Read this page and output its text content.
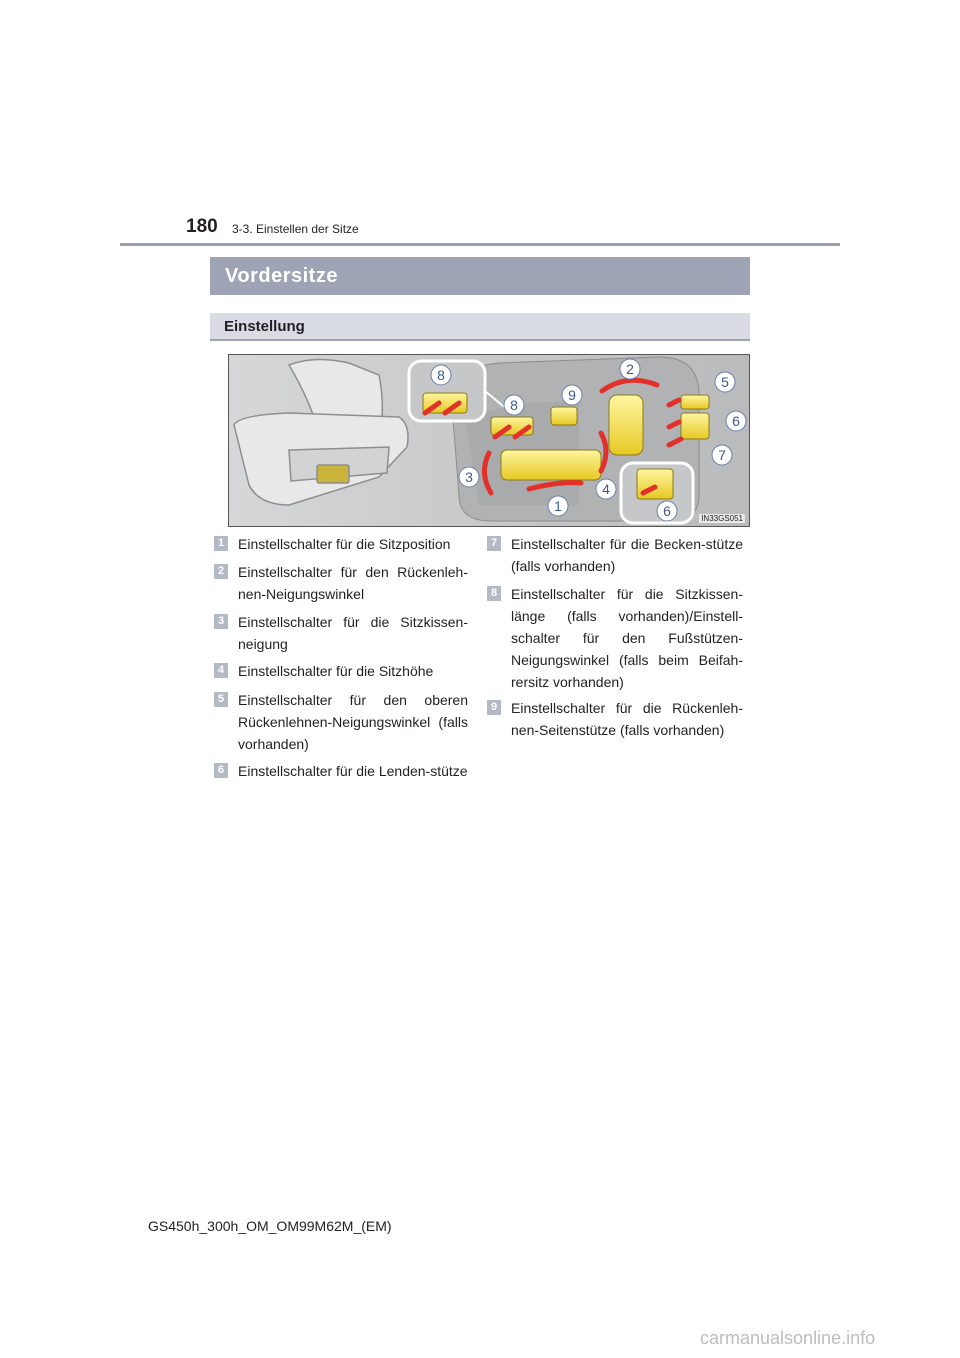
180 3-3. Einstellen der Sitze
Vordersitze
Einstellung
8
8
9
2
5
6
7
3
4
1	6	IN33GS051
1 Einstellschalter für die Sitzposition
2 Einstellschalter für den Rückenleh-nen-Neigungswinkel
3 Einstellschalter für die Sitzkissen-neigung
4 Einstellschalter für die Sitzhöhe
5 Einstellschalter für den oberen Rückenlehnen-Neigungswinkel (falls vorhanden)
6 Einstellschalter für die Lenden-stütze
7 Einstellschalter für die Becken-stütze (falls vorhanden)
8 Einstellschalter für die Sitzkissen-länge (falls vorhanden)/Einstell-schalter für den Fußstützen-Neigungswinkel (falls beim Beifah-rersitz vorhanden)
9 Einstellschalter für die Rückenleh-nen-Seitenstütze (falls vorhanden)
GS450h_300h_OM_OM99M62M_(EM)
carmanualsonline.info
